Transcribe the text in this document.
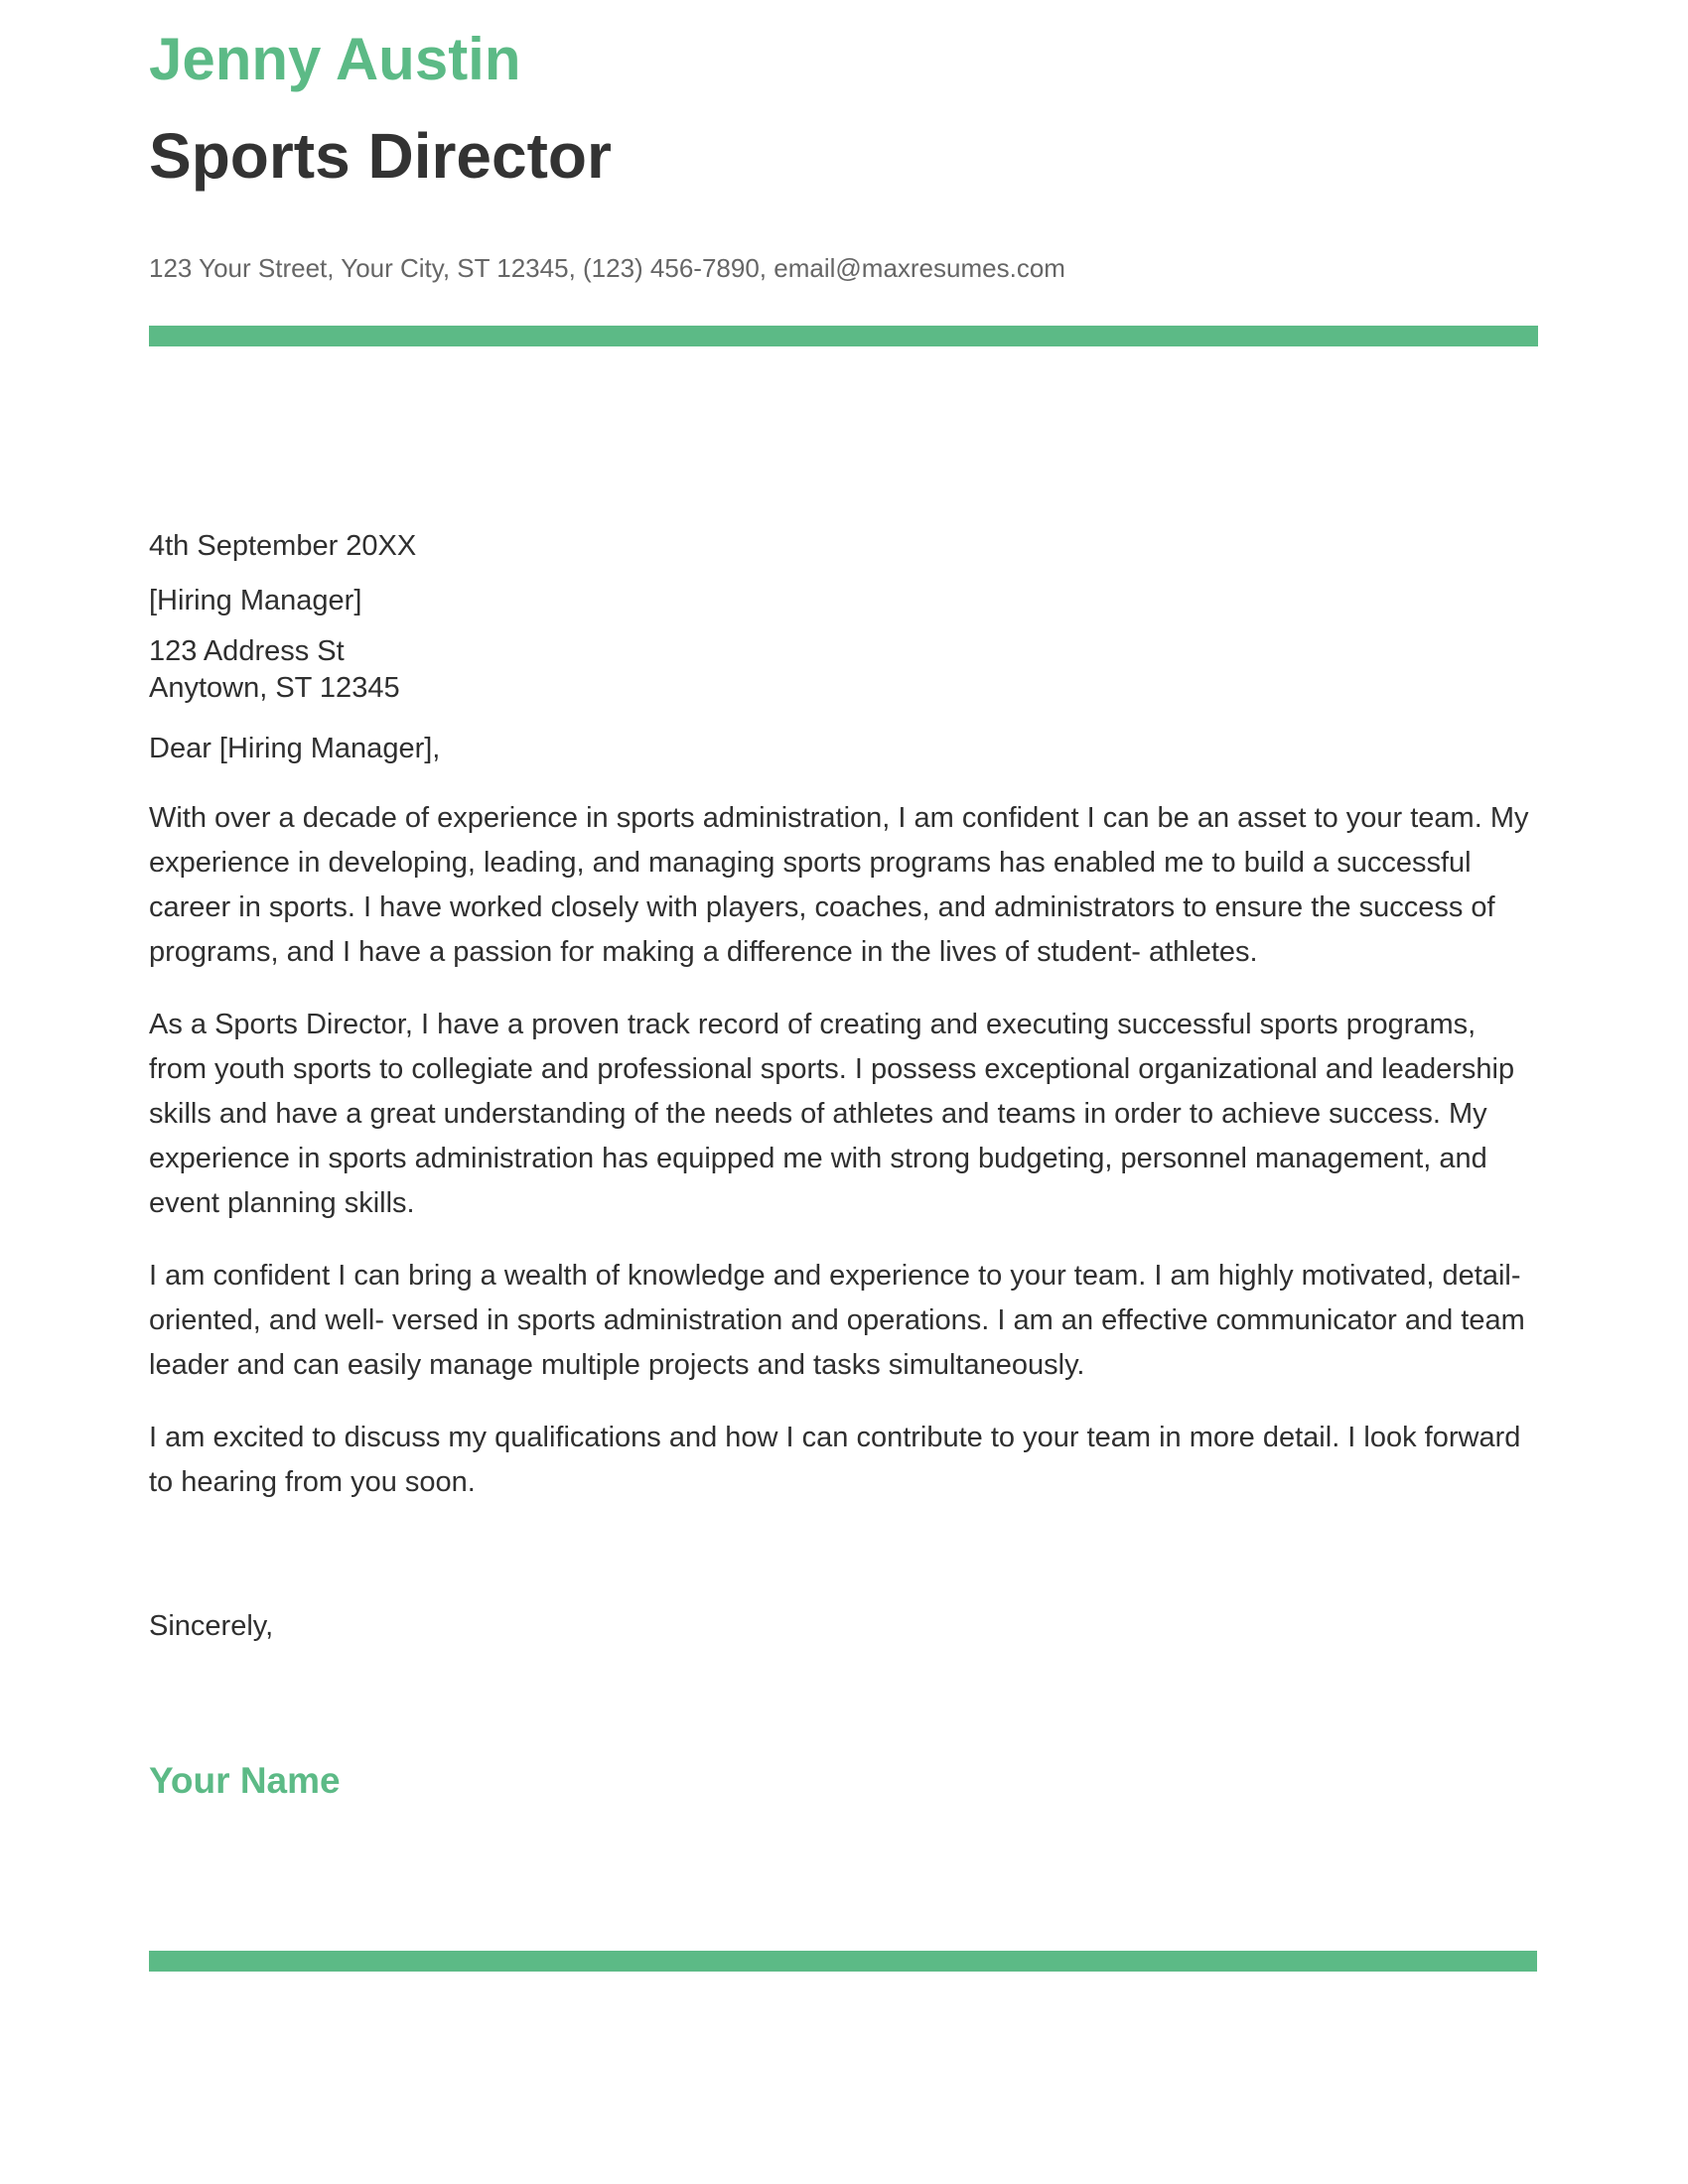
Jenny Austin
Sports Director
123 Your Street, Your City, ST 12345, (123) 456-7890, email@maxresumes.com

4th September 20XX

[Hiring Manager]

123 Address St
Anytown, ST 12345

Dear [Hiring Manager],

With over a decade of experience in sports administration, I am confident I can be an asset to your team. My experience in developing, leading, and managing sports programs has enabled me to build a successful career in sports. I have worked closely with players, coaches, and administrators to ensure the success of programs, and I have a passion for making a difference in the lives of student- athletes.

As a Sports Director, I have a proven track record of creating and executing successful sports programs, from youth sports to collegiate and professional sports. I possess exceptional organizational and leadership skills and have a great understanding of the needs of athletes and teams in order to achieve success. My experience in sports administration has equipped me with strong budgeting, personnel management, and event planning skills.

I am confident I can bring a wealth of knowledge and experience to your team. I am highly motivated, detail- oriented, and well- versed in sports administration and operations. I am an effective communicator and team leader and can easily manage multiple projects and tasks simultaneously.

I am excited to discuss my qualifications and how I can contribute to your team in more detail. I look forward to hearing from you soon.

Sincerely,
Your Name
